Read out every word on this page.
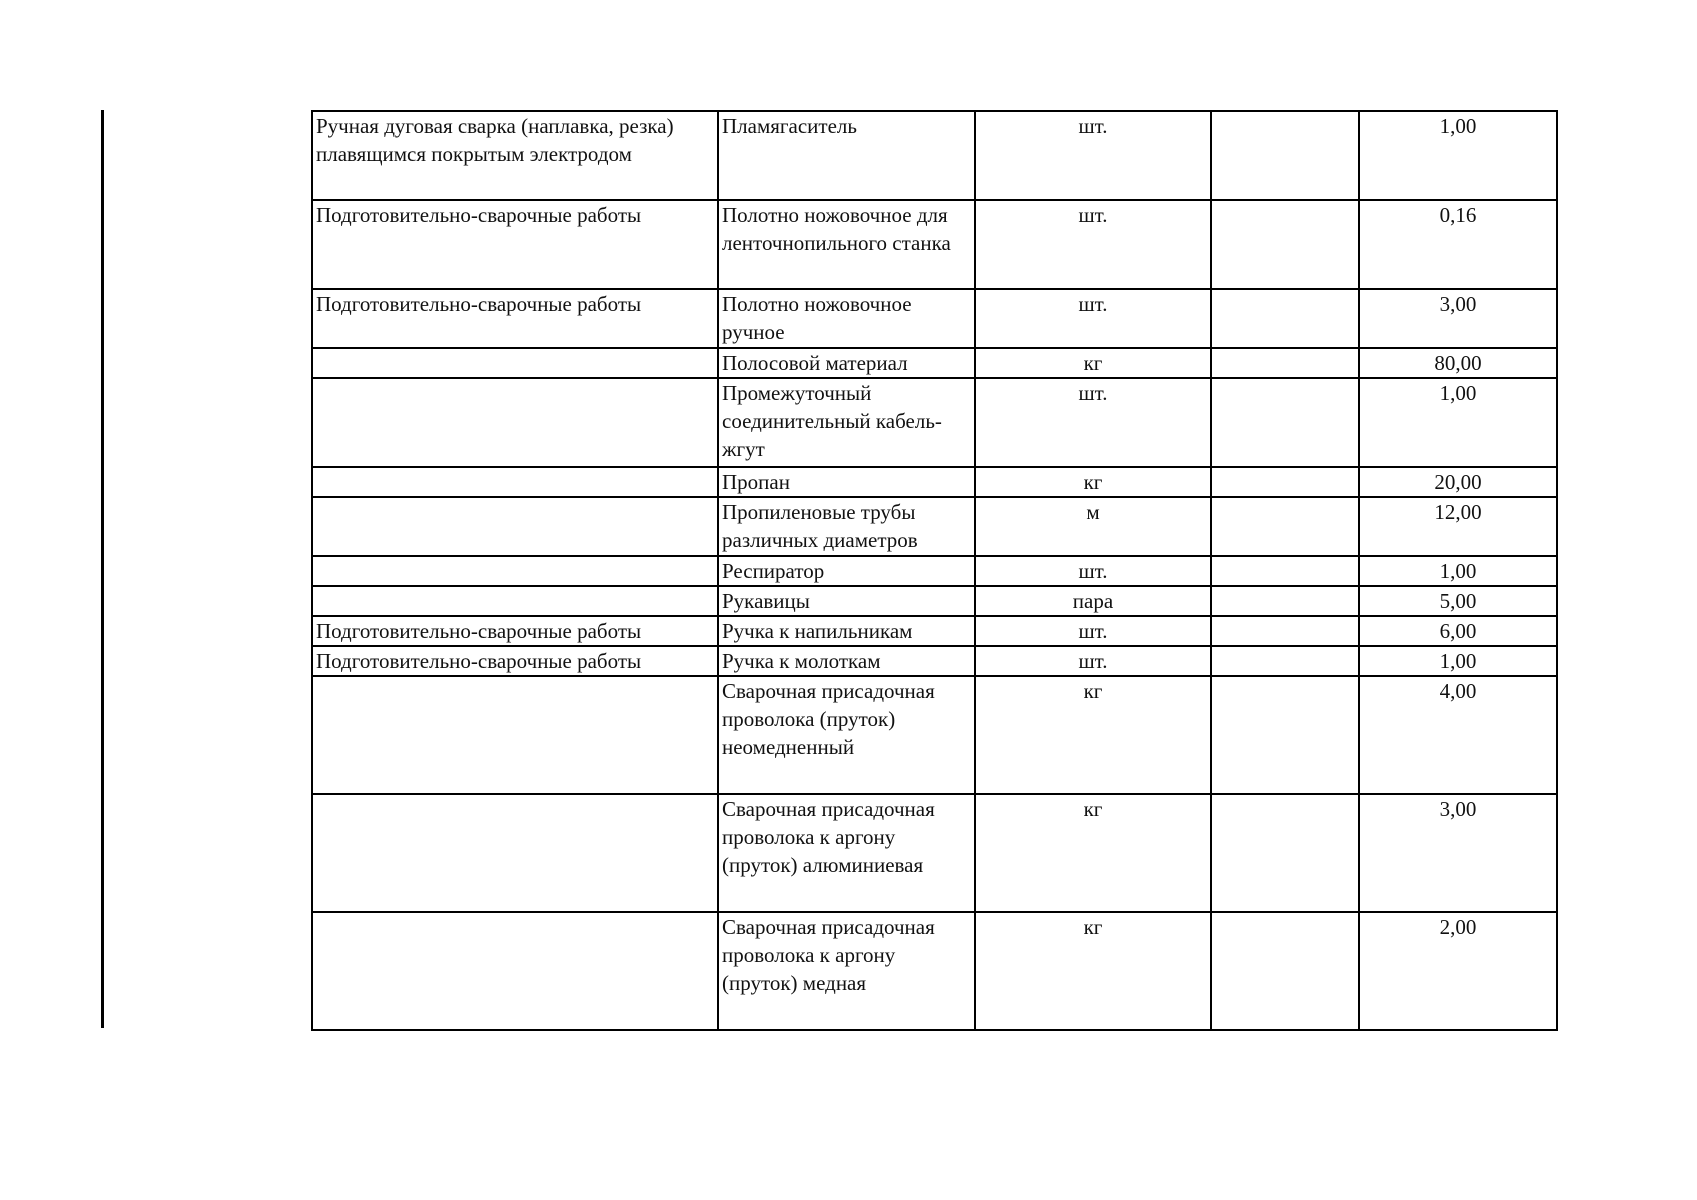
Ручная дуговая сварка (наплавка, резка) плавящимся покрытым электродом	Пламягаситель	шт.		1,00
Подготовительно-сварочные работы	Полотно ножовочное для ленточнопильного станка	шт.		0,16
Подготовительно-сварочные работы	Полотно ножовочное ручное	шт.		3,00
	Полосовой материал	кг		80,00
	Промежуточный соединительный кабель-жгут	шт.		1,00
	Пропан	кг		20,00
	Пропиленовые трубы различных диаметров	м		12,00
	Респиратор	шт.		1,00
	Рукавицы	пара		5,00
Подготовительно-сварочные работы	Ручка к напильникам	шт.		6,00
Подготовительно-сварочные работы	Ручка к молоткам	шт.		1,00
	Сварочная присадочная проволока (пруток) неомедненный	кг		4,00
	Сварочная присадочная проволока к аргону (пруток) алюминиевая	кг		3,00
	Сварочная присадочная проволока к аргону (пруток) медная	кг		2,00
